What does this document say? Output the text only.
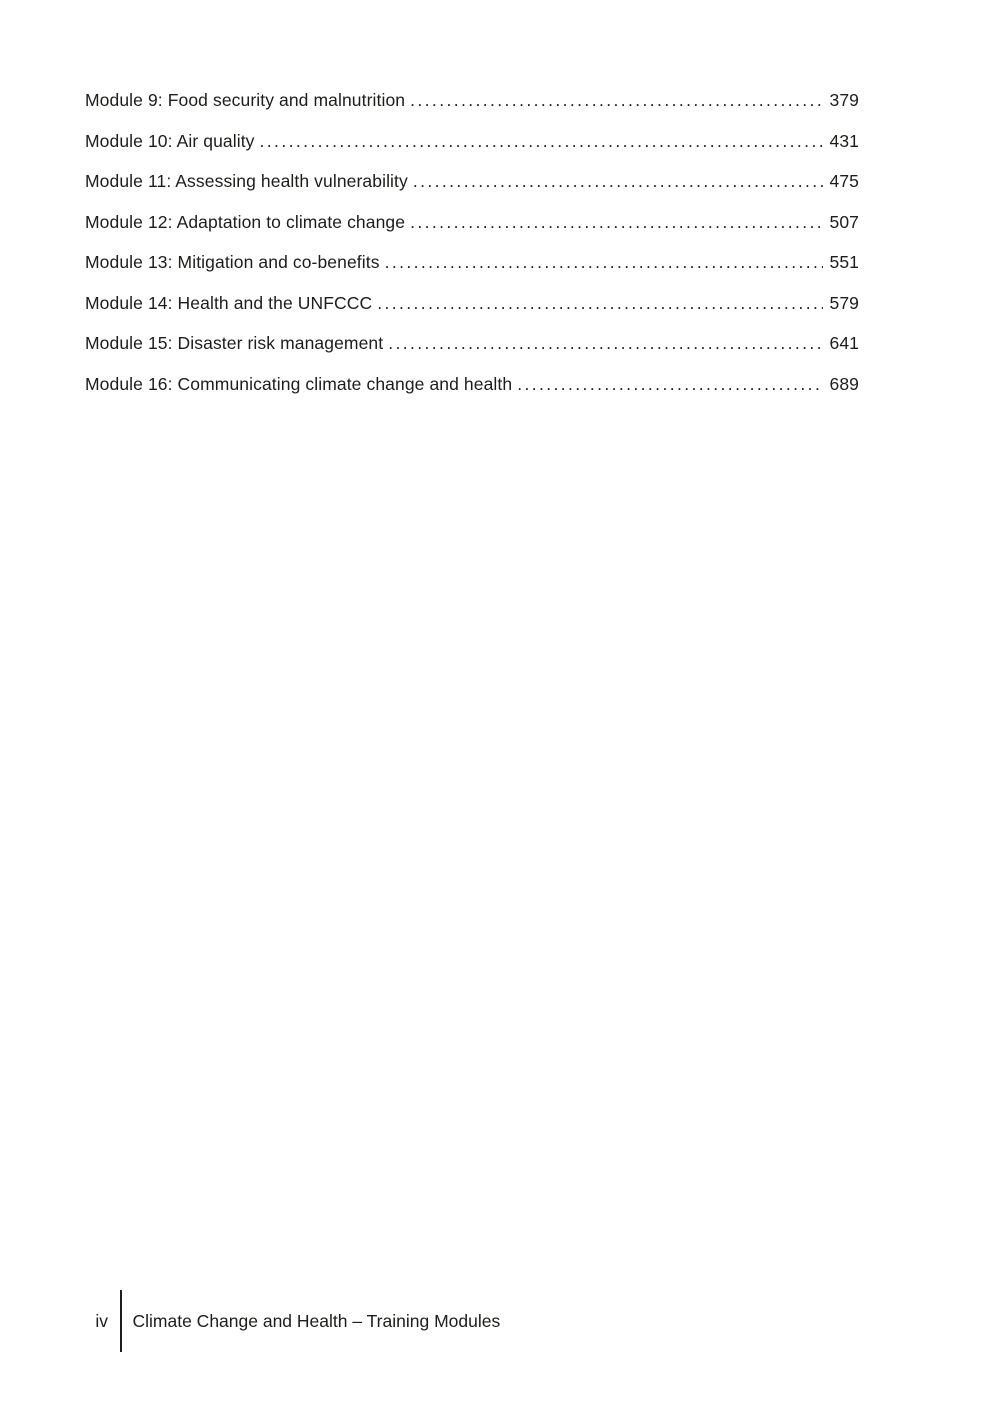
Module 9: Food security and malnutrition .....	379
Module 10: Air quality .....	431
Module 11: Assessing health vulnerability .....	475
Module 12: Adaptation to climate change .....	507
Module 13: Mitigation and co-benefits .....	551
Module 14: Health and the UNFCCC .....	579
Module 15: Disaster risk management .....	641
Module 16: Communicating climate change and health .....	689
iv	Climate Change and Health – Training Modules
